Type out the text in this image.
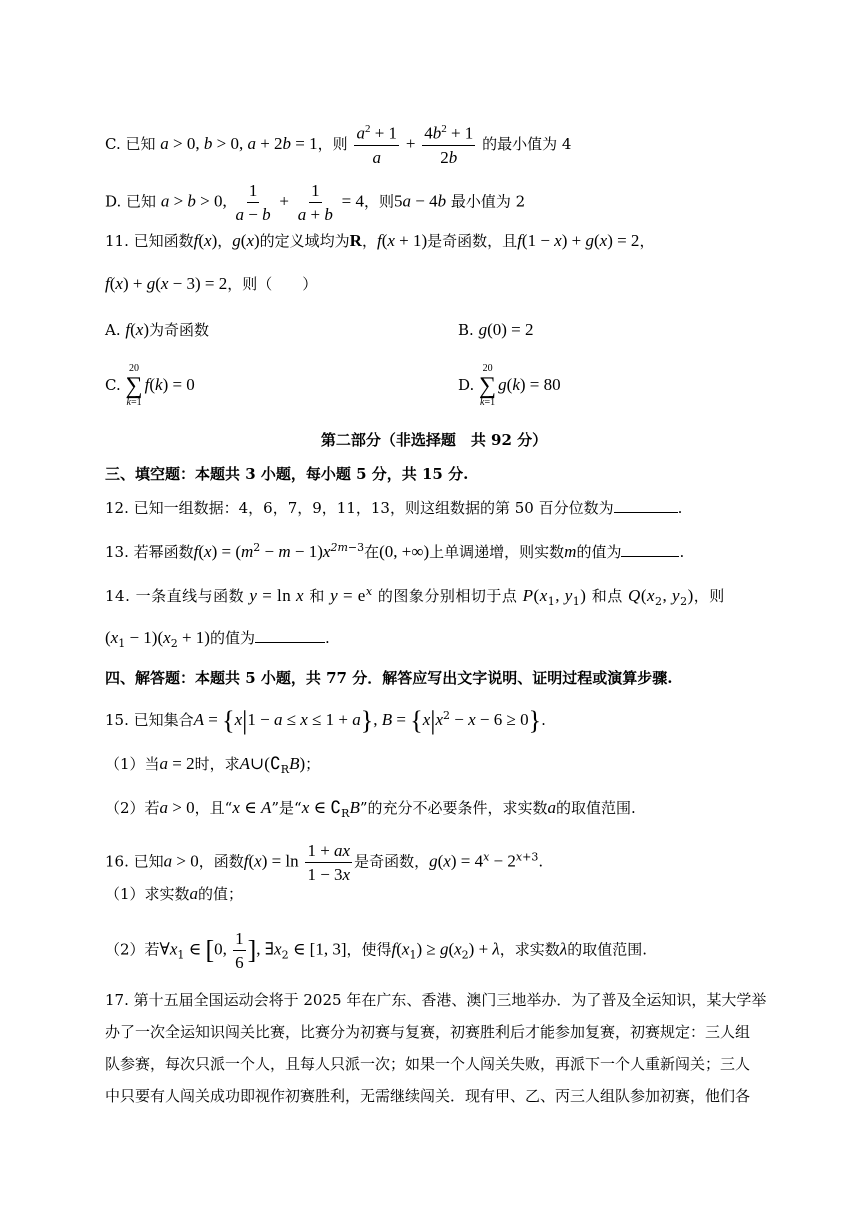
C. 已知 a > 0, b > 0, a + 2b = 1，则 $\frac{a^2 + 1}{a} + \frac{4b^2 + 1}{2b}$ 的最小值为 4
D. 已知 a > b > 0, $\frac{1}{a - b} + \frac{1}{a + b} = 4$，则5a − 4b 最小值为 2
11. 已知函数f(x)，g(x)的定义域均为R，f(x + 1)是奇函数，且f(1 − x) + g(x) = 2，
f(x) + g(x − 3) = 2，则（　　）
A. f(x)为奇函数	B. g(0) = 2
C.
20
∑
k=1
f(k) = 0	D.
20
∑
k=1
g(k) = 80
第二部分（非选择题　共 92 分）
三、填空题：本题共 3 小题，每小题 5 分，共 15 分.
12. 已知一组数据：4，6，7，9，11，13，则这组数据的第 50 百分位数为	.
13. 若幂函数$f(x) = (m^2 - m - 1)x^{2m-3}$在(0, +∞)上单调递增，则实数m的值为	.
14. 一条直线与函数 y = ln x 和 $y = e^x$ 的图象分别相切于点 $P(x_1$, $y_1$) 和点 $Q(x_2$, $y_2$)，则
$(x_1 - 1)(x_2 + 1)$的值为	.
四、解答题：本题共 5 小题，共 77 分．解答应写出文字说明、证明过程或演算步骤.
15. 已知集合A = {x|1 − a ≤ x ≤ 1 + a}, $B = \{x|x^2 - x - 6 \ge 0\}$.
（1）当a = 2时，求$A\cup(∁_RB)$；
（2）若a > 0，且“x ∈ A”是“x ∈ $∁_RB$”的充分不必要条件，求实数a的取值范围.
16. 已知a > 0，函数$f(x) = \ln \frac{1 + ax}{1 - 3x}$ 是奇函数，$g(x) = 4^x - 2^{x+3}$.
（1）求实数a的值；
（2）若$\forall x_1$ ∈ [0, $\frac{1}{6}$ ], $\exists x_2$ ∈ [1, 3]，使得$f(x_1) \ge g(x_2) + \lambda$，求实数λ的取值范围.
17. 第十五届全国运动会将于 2025 年在广东、香港、澳门三地举办．为了普及全运知识，某大学举
办了一次全运知识闯关比赛，比赛分为初赛与复赛，初赛胜利后才能参加复赛，初赛规定：三人组
队参赛，每次只派一个人，且每人只派一次；如果一个人闯关失败，再派下一个人重新闯关；三人
中只要有人闯关成功即视作初赛胜利，无需继续闯关．现有甲、乙、丙三人组队参加初赛，他们各
